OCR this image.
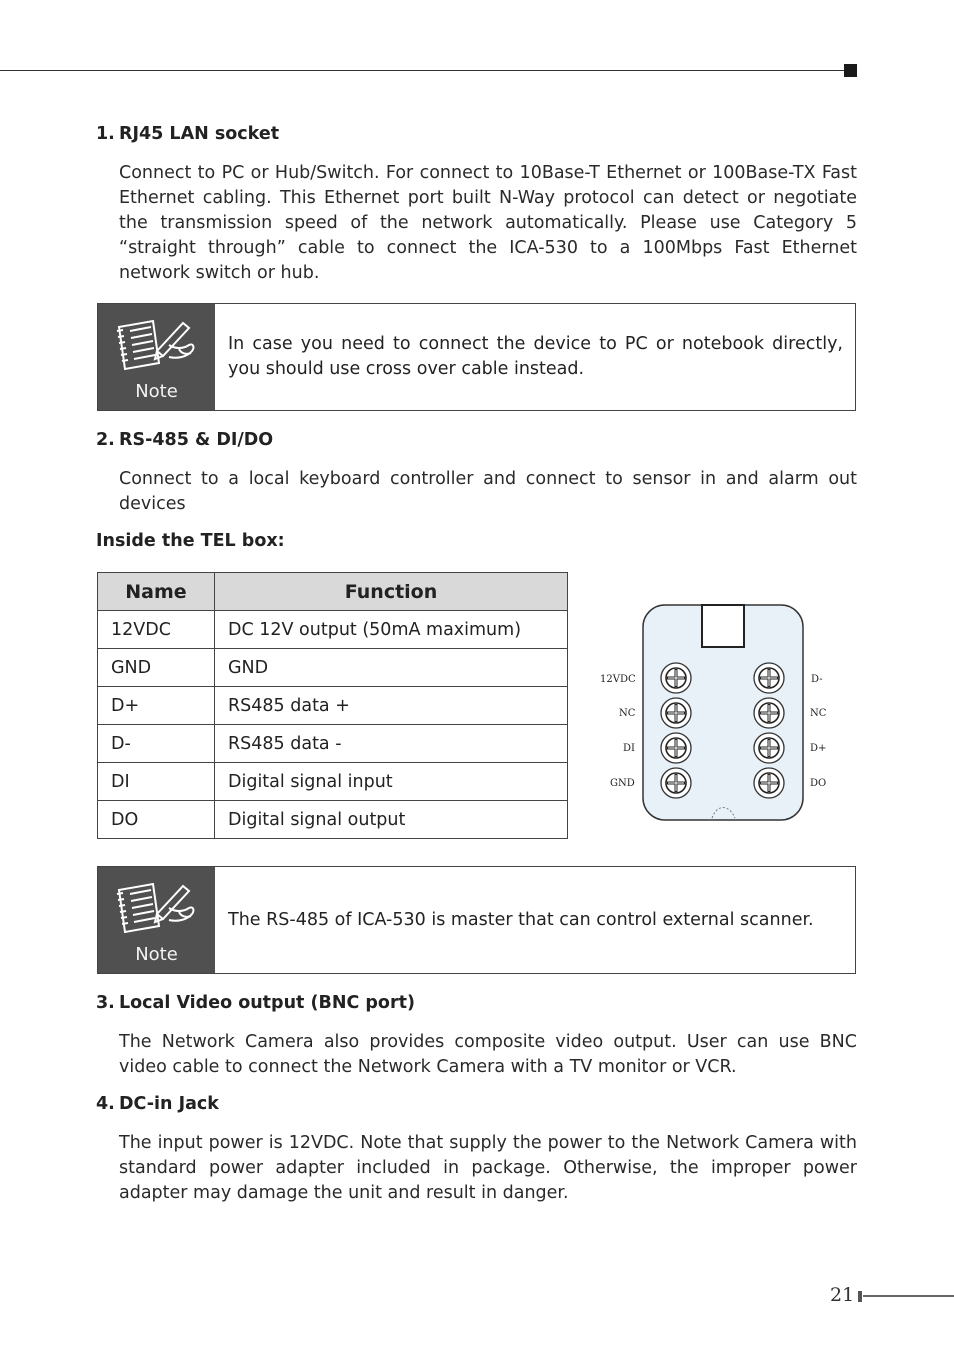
1. RJ45 LAN socket
Connect to PC or Hub/Switch. For connect to 10Base-T Ethernet or 100Base-TX Fast Ethernet cabling. This Ethernet port built N-Way protocol can detect or negotiate the transmission speed of the network automatically. Please use Category 5 “straight through” cable to connect the ICA-530 to a 100Mbps Fast Ethernet network switch or hub.
Note
In case you need to connect the device to PC or notebook directly, you should use cross over cable instead.
2. RS-485 & DI/DO
Connect to a local keyboard controller and connect to sensor in and alarm out devices
Inside the TEL box:
Name	Function
12VDC	DC 12V output (50mA maximum)
GND	GND
D+	RS485 data +
D-	RS485 data -
DI	Digital signal input
DO	Digital signal output
12VDC
NC
DI
GND
D-
NC
D+
DO
Note
The RS-485 of ICA-530 is master that can control external scanner.
3. Local Video output (BNC port)
The Network Camera also provides composite video output. User can use BNC video cable to connect the Network Camera with a TV monitor or VCR.
4. DC-in Jack
The input power is 12VDC. Note that supply the power to the Network Camera with standard power adapter included in package. Otherwise, the improper power adapter may damage the unit and result in danger.
21
